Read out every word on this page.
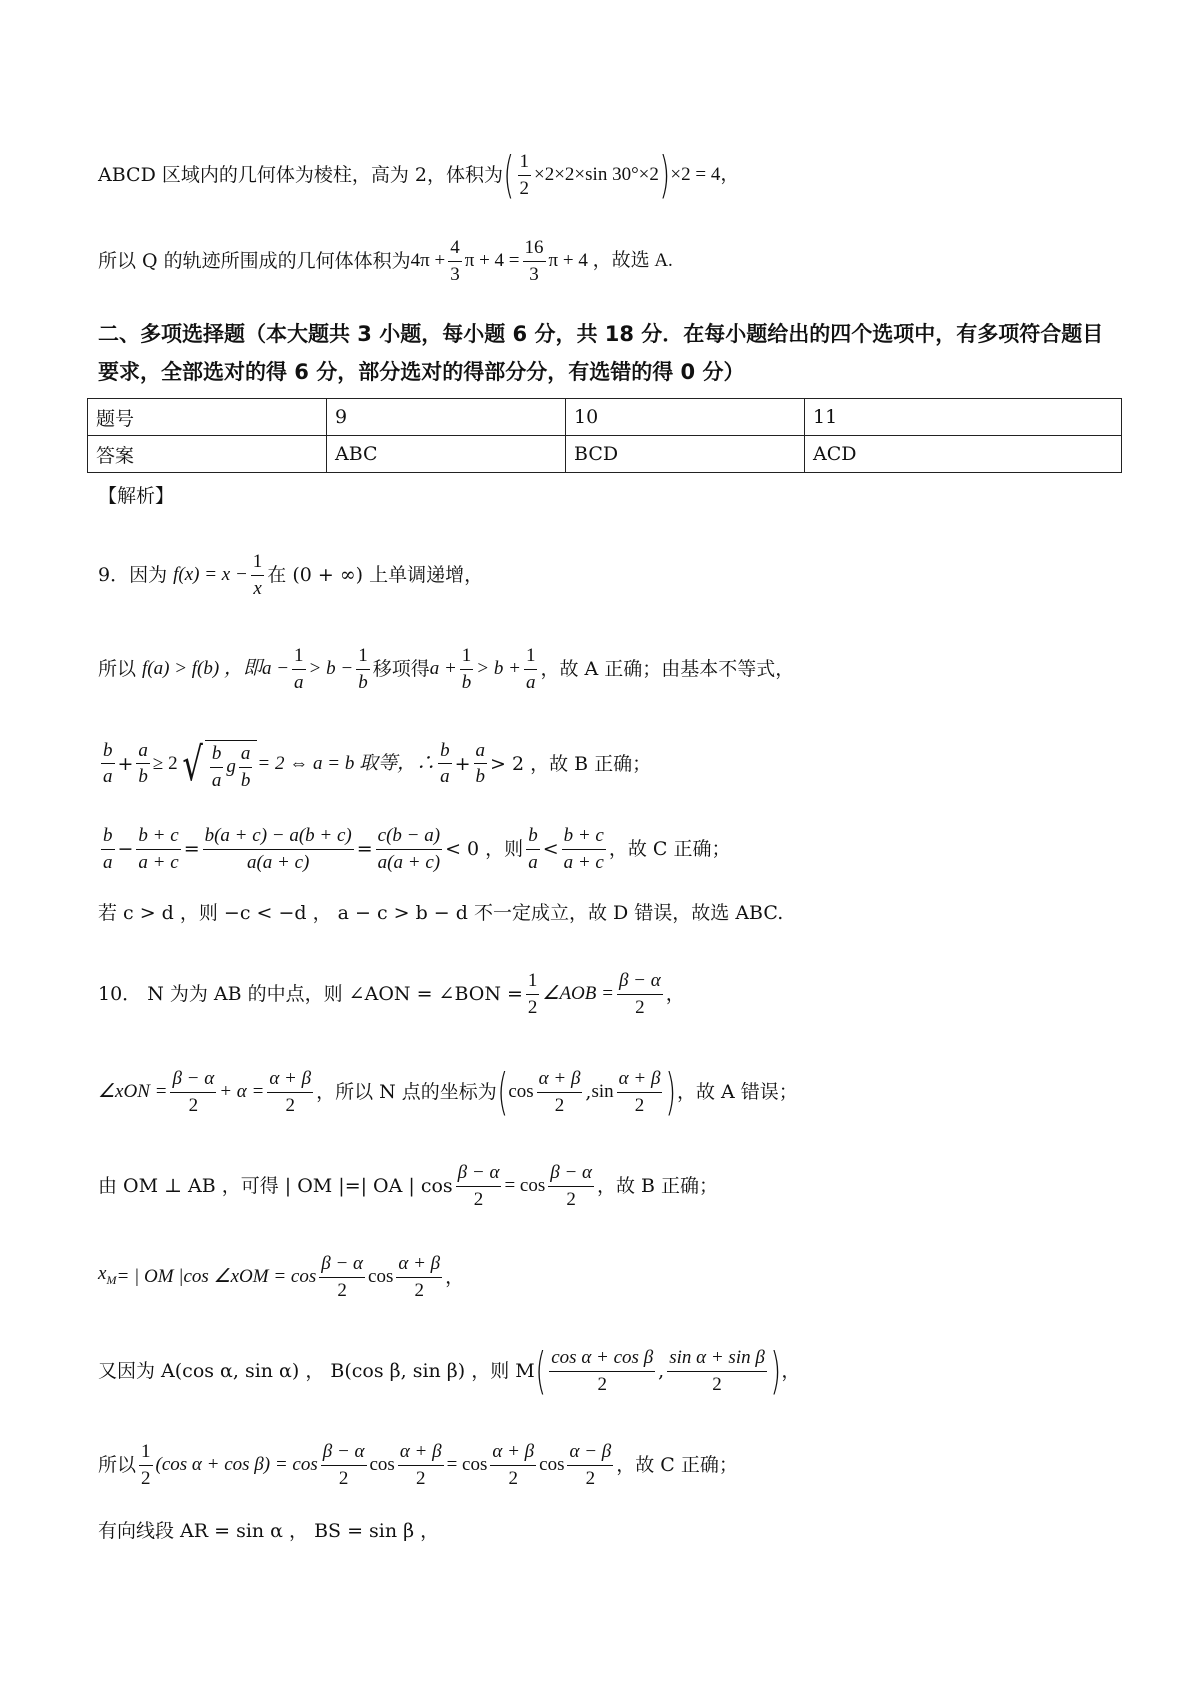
ABCD 区域内的几何体为棱柱，高为 2，体积为 ( $\frac{1}{2} \times 2\times 2\times\sin$ 30°×2 ) ×2 = 4，
所以 Q 的轨迹所围成的几何体体积为 $4\pi + \frac{4}{3}$ $\pi + 4 = \frac{16}{3}$ π + 4 ，故选 A.
二、多项选择题（本大题共 3 小题，每小题 6 分，共 18 分．在每小题给出的四个选项中，有多项符合题目要求，全部选对的得 6 分，部分选对的得部分分，有选错的得 0 分）
题号	9	10	11
答案	ABC	BCD	ACD
【解析】
9．因为 $f(x) = x - \frac{1}{x}$ 在 (0 + ∞) 上单调递增，
所以 f(a) > f(b) ，即 $a - \frac{1}{a} > b - \frac{1}{b}$ 移项得 $a + \frac{1}{b} > b + \frac{1}{a}$ ，故 A 正确；由基本不等式，
$\frac{b}{a} + \frac{a}{b} \ge 2$ √ $\frac{b}{a}$ g $\frac{a}{b} = 2$ ⇔ a = b 取等，∴ $\frac{b}{a} + \frac{a}{b} > 2$ ，故 B 正确；
$\frac{b}{a} - \frac{b + c}{a + c} = \frac{b(a + c) - a(b + c)}{a(a + c)} = \frac{c(b - a)}{a(a + c)} < 0$ ，则 $\frac{b}{a} < \frac{b + c}{a + c}$ ，故 C 正确；
若 c > d ，则 −c < −d ， a − c > b − d 不一定成立，故 D 错误，故选 ABC.
10． N 为为 AB 的中点，则 ∠AON = ∠BON = $\frac{1}{2}$ ∠AOB = $\frac{\beta - \alpha}{2}$ ，
∠xON = $\frac{\beta - \alpha}{2} + \alpha = \frac{\alpha + \beta}{2}$ ，所以 N 点的坐标为 ( $\cos \frac{\alpha + \beta}{2}$ , $\sin \frac{\alpha + \beta}{2}$ ) ，故 A 错误；
由 OM ⊥ AB ，可得 | OM |=| OA | $\cos \frac{\beta - \alpha}{2} = \cos \frac{\beta - \alpha}{2}$ ，故 B 正确；
$x_M$ = | OM |cos ∠xOM = $\cos \frac{\beta - \alpha}{2}$ $\cos \frac{\alpha + \beta}{2}$ ，
又因为 A(cos α, sin α) ， B(cos β, sin β) ，则 M ( $\frac{\text{cos α + cos β}}{2}$ , $\frac{\text{sin α + sin β}}{2}$ ) ，
所以 $\frac{1}{2} (\cos$ $\alpha + \cos \beta) = \cos \frac{\beta - \alpha}{2}$ $\cos \frac{\alpha + \beta}{2} = \cos \frac{\alpha + \beta}{2}$ $\cos \frac{\alpha - \beta}{2}$ ，故 C 正确；
有向线段 AR = sin α ， BS = sin β ，
